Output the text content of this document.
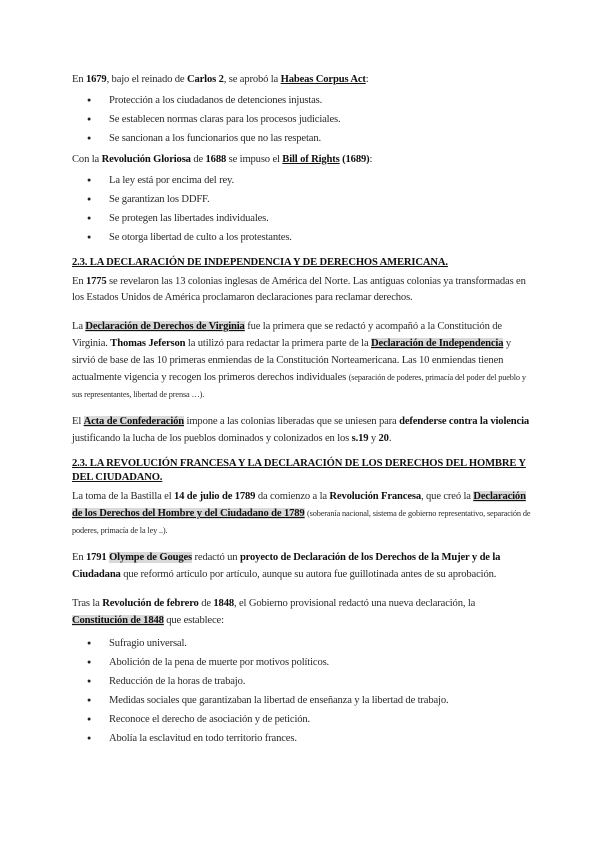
En 1679, bajo el reinado de Carlos 2, se aprobó la Habeas Corpus Act:

● Protección a los ciudadanos de detenciones injustas.
● Se establecen normas claras para los procesos judiciales.
● Se sancionan a los funcionarios que no las respetan.

Con la Revolución Gloriosa de 1688 se impuso el Bill of Rights (1689):

● La ley está por encima del rey.
● Se garantizan los DDFF.
● Se protegen las libertades individuales.
● Se otorga libertad de culto a los protestantes.
2.3. LA DECLARACIÓN DE INDEPENDENCIA Y DE DERECHOS AMERICANA.

En 1775 se revelaron las 13 colonias inglesas de América del Norte. Las antiguas colonias ya transformadas en los Estados Unidos de América proclamaron declaraciones para reclamar derechos.

La Declaración de Derechos de Virginia fue la primera que se redactó y acompañó a la Constitución de Virginia. Thomas Jeferson la utilizó para redactar la primera parte de la Declaración de Independencia y sirvió de base de las 10 primeras enmiendas de la Constitución Norteamericana. Las 10 enmiendas tienen actualmente vigencia y recogen los primeros derechos individuales (separación de poderes, primacía del poder del pueblo y sus representantes, libertad de prensa …).

El Acta de Confederación impone a las colonias liberadas que se uniesen para defenderse contra la violencia justificando la lucha de los pueblos dominados y colonizados en los s.19 y 20.

2.3. LA REVOLUCIÓN FRANCESA Y LA DECLARACIÓN DE LOS DERECHOS DEL HOMBRE Y DEL CIUDADANO.

La toma de la Bastilla el 14 de julio de 1789 da comienzo a la Revolución Francesa, que creó la Declaración de los Derechos del Hombre y del Ciudadano de 1789 (soberanía nacional, sistema de gobierno representativo, separación de poderes, primacía de la ley ..).

En 1791 Olympe de Gouges redactó un proyecto de Declaración de los Derechos de la Mujer y de la Ciudadana que reformó artículo por artículo, aunque su autora fue guillotinada antes de su aprobación.

Tras la Revolución de febrero de 1848, el Gobierno provisional redactó una nueva declaración, la Constitución de 1848 que establece:

● Sufragio universal.
● Abolición de la pena de muerte por motivos políticos.
● Reducción de la horas de trabajo.
● Medidas sociales que garantizaban la libertad de enseñanza y la libertad de trabajo.
● Reconoce el derecho de asociación y de petición.
● Abolía la esclavitud en todo territorio frances.
